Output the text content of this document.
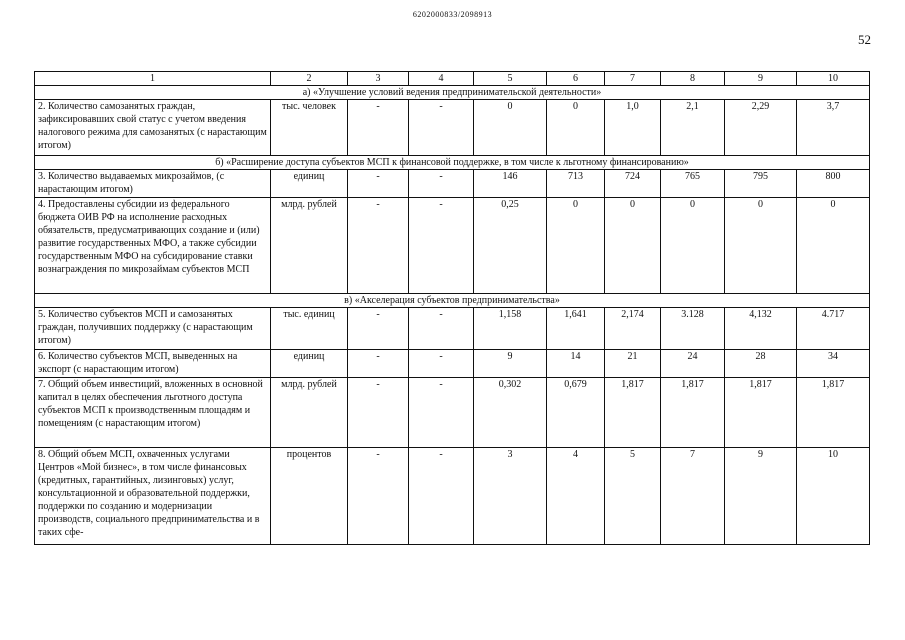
6202000833/2098913
52
1	2	3	4	5	6	7	8	9	10
а) «Улучшение условий ведения предпринимательской деятельности»									
2. Количество самозанятых граждан, зафиксировавших свой статус с учетом введения налогового режима для самозанятых (с нарастающим итогом)	тыс. человек	-	-	0	0	1,0	2,1	2,29	3,7
б) «Расширение доступа субъектов МСП к финансовой поддержке, в том числе к льготному финансированию»									
3. Количество выдаваемых микрозаймов, (с нарастающим итогом)	единиц	-	-	146	713	724	765	795	800
4. Предоставлены субсидии из федерального бюджета ОИВ РФ на исполнение расходных обязательств, предусматривающих создание и (или) развитие государственных МФО, а также субсидии государственным МФО на субсидирование ставки вознаграждения по микрозаймам субъектов МСП	млрд. рублей	-	-	0,25	0	0	0	0	0
в) «Акселерация субъектов предпринимательства»									
5. Количество субъектов МСП и самозанятых граждан, получивших поддержку (с нарастающим итогом)	тыс. единиц	-	-	1,158	1,641	2,174	3.128	4,132	4.717
6. Количество субъектов МСП, выведенных на экспорт (с нарастающим итогом)	единиц	-	-	9	14	21	24	28	34
7. Общий объем инвестиций, вложенных в основной капитал в целях обеспечения льготного доступа субъектов МСП к производственным площадям и помещениям (с нарастающим итогом)	млрд. рублей	-	-	0,302	0,679	1,817	1,817	1,817	1,817
8. Общий объем МСП, охваченных услугами Центров «Мой бизнес», в том числе финансовых (кредитных, гарантийных, лизинговых) услуг, консультационной и образовательной поддержки, поддержки по созданию и модернизации производств, социального предпринимательства и в таких сфе-	процентов	-	-	3	4	5	7	9	10
